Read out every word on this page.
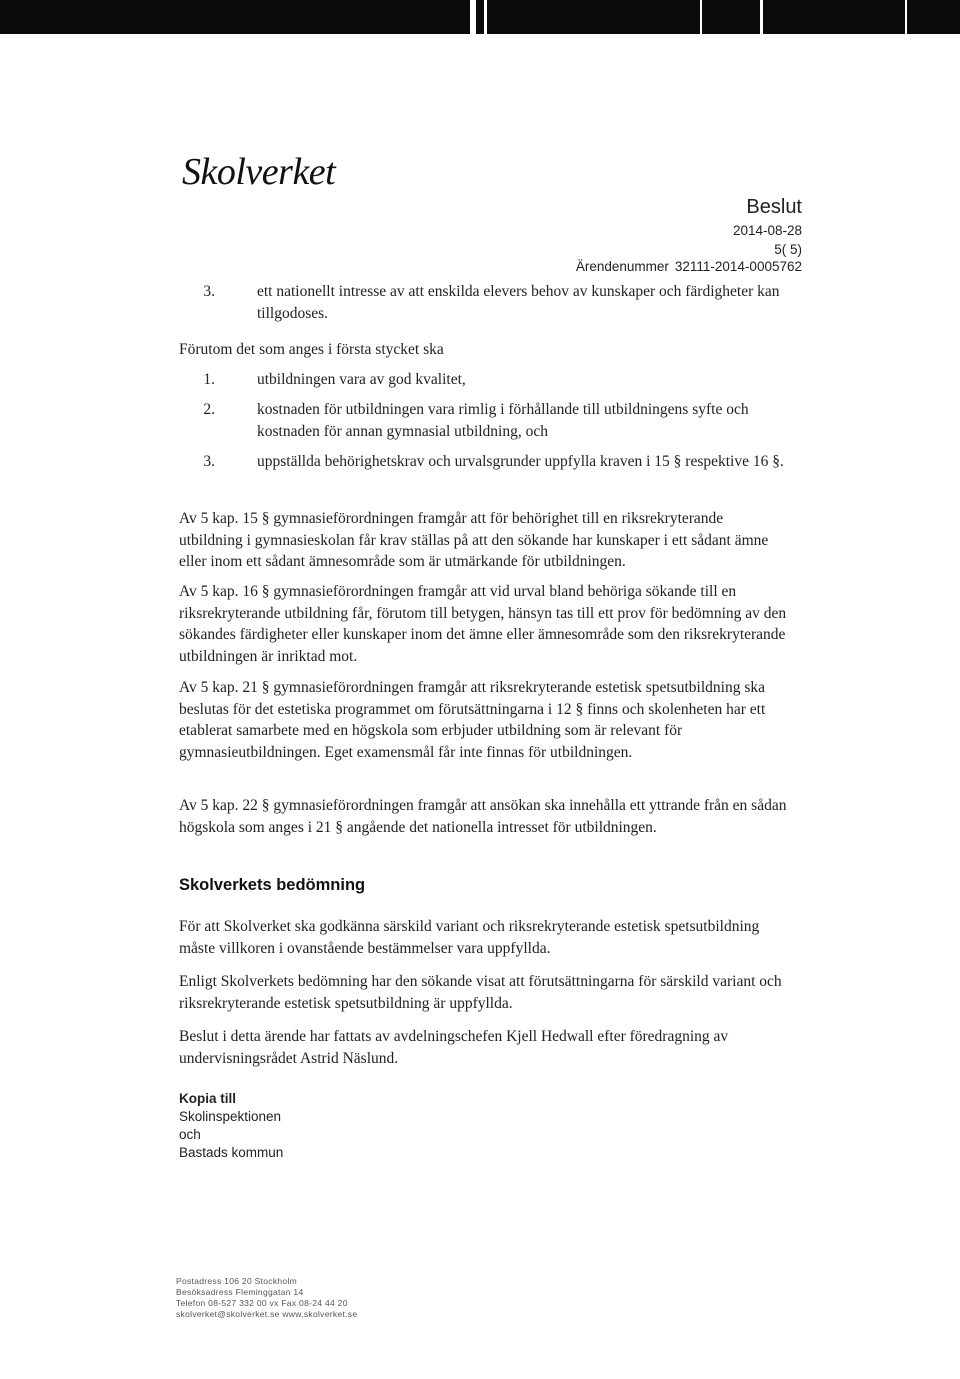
Skolverket
Beslut
2014-08-28
5( 5)
Ärendenummer 32111-2014-0005762
3.	ett nationellt intresse av att enskilda elevers behov av kunskaper och färdigheter kan tillgodoses.

Förutom det som anges i första stycket ska

1.	utbildningen vara av god kvalitet,
2.	kostnaden för utbildningen vara rimlig i förhållande till utbildningens syfte och kostnaden för annan gymnasial utbildning, och
3.	uppställda behörighetskrav och urvalsgrunder uppfylla kraven i 15 § respektive 16 §.

Av 5 kap. 15 § gymnasieförordningen framgår att för behörighet till en riksrekryterande utbildning i gymnasieskolan får krav ställas på att den sökande har kunskaper i ett sådant ämne eller inom ett sådant ämnesområde som är utmärkande för utbildningen.

Av 5 kap. 16 § gymnasieförordningen framgår att vid urval bland behöriga sökande till en riksrekryterande utbildning får, förutom till betygen, hänsyn tas till ett prov för bedömning av den sökandes färdigheter eller kunskaper inom det ämne eller ämnesområde som den riksrekryterande utbildningen är inriktad mot.

Av 5 kap. 21 § gymnasieförordningen framgår att riksrekryterande estetisk spetsutbildning ska beslutas för det estetiska programmet om förutsättningarna i 12 § finns och skolenheten har ett etablerat samarbete med en högskola som erbjuder utbildning som är relevant för gymnasieutbildningen. Eget examensmål får inte finnas för utbildningen.

Av 5 kap. 22 § gymnasieförordningen framgår att ansökan ska innehålla ett yttrande från en sådan högskola som anges i 21 § angående det nationella intresset för utbildningen.

För att Skolverket ska godkänna särskild variant och riksrekryterande estetisk spetsutbildning måste villkoren i ovanstående bestämmelser vara uppfyllda.

Enligt Skolverkets bedömning har den sökande visat att förutsättningarna för särskild variant och riksrekryterande estetisk spetsutbildning är uppfyllda.

Beslut i detta ärende har fattats av avdelningschefen Kjell Hedwall efter föredragning av undervisningsrådet Astrid Näslund.

Skolverkets bedömning
Kopia till
Skolinspektionen
och
Bastads kommun
Postadress 106 20 Stockholm
Besöksadress Fleminggatan 14
Telefon 08-527 332 00 vx Fax 08-24 44 20
skolverket@skolverket.se www.skolverket.se
